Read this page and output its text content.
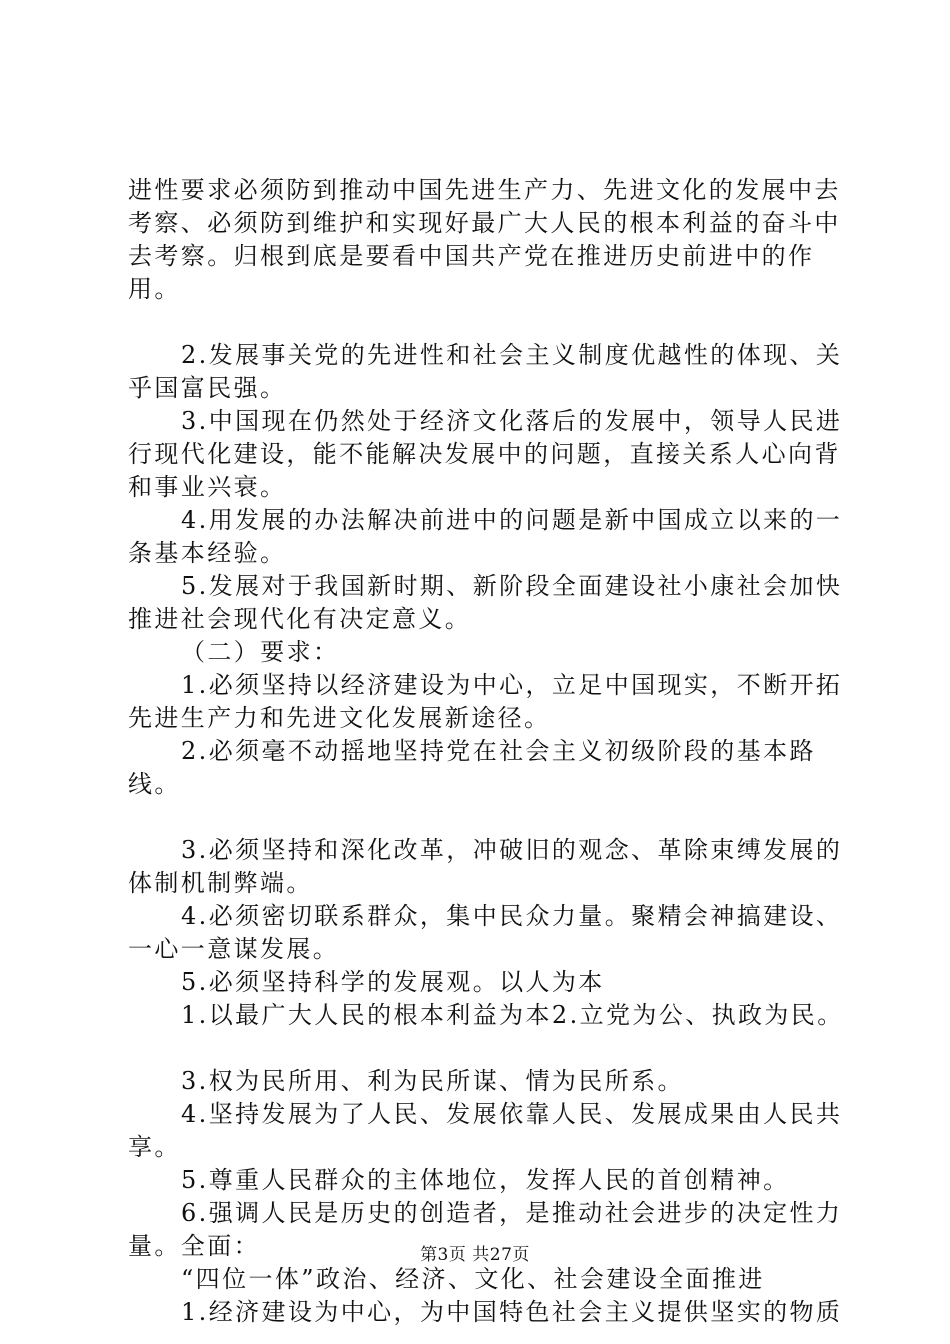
进性要求必须防到推动中国先进生产力、先进文化的发展中去考察、必须防到维护和实现好最广大人民的根本利益的奋斗中去考察。归根到底是要看中国共产党在推进历史前进中的作用。

2.发展事关党的先进性和社会主义制度优越性的体现、关乎国富民强。

3.中国现在仍然处于经济文化落后的发展中，领导人民进行现代化建设，能不能解决发展中的问题，直接关系人心向背和事业兴衰。

4.用发展的办法解决前进中的问题是新中国成立以来的一条基本经验。

5.发展对于我国新时期、新阶段全面建设社小康社会加快推进社会现代化有决定意义。

（二）要求：

1.必须坚持以经济建设为中心，立足中国现实，不断开拓先进生产力和先进文化发展新途径。

2.必须毫不动摇地坚持党在社会主义初级阶段的基本路线。

3.必须坚持和深化改革，冲破旧的观念、革除束缚发展的体制机制弊端。

4.必须密切联系群众，集中民众力量。聚精会神搞建设、一心一意谋发展。

5.必须坚持科学的发展观。以人为本

1.以最广大人民的根本利益为本2.立党为公、执政为民。

3.权为民所用、利为民所谋、情为民所系。

4.坚持发展为了人民、发展依靠人民、发展成果由人民共享。

5.尊重人民群众的主体地位，发挥人民的首创精神。

6.强调人民是历史的创造者，是推动社会进步的决定性力量。全面：

“四位一体”政治、经济、文化、社会建设全面推进

1.经济建设为中心，为中国特色社会主义提供坚实的物质

第3页 共27页
